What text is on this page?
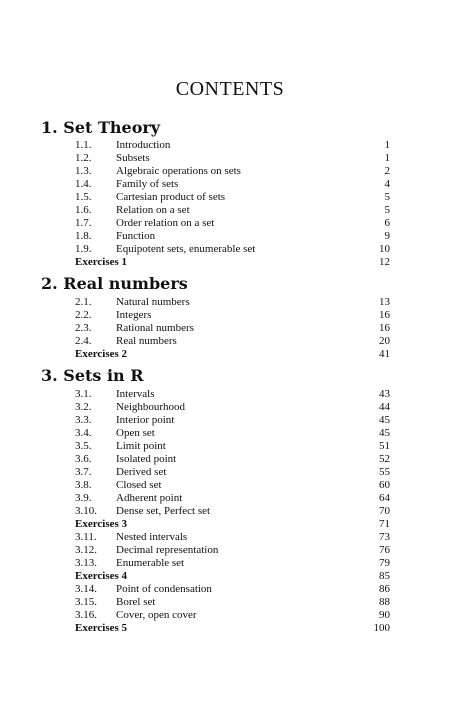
CONTENTS
1. Set Theory
1.1. Introduction	1
1.2. Subsets	1
1.3. Algebraic operations on sets	2
1.4. Family of sets	4
1.5. Cartesian product of sets	5
1.6. Relation on a set	5
1.7. Order relation on a set	6
1.8. Function	9
1.9. Equipotent sets, enumerable set	10
Exercises 1	12
2. Real numbers
2.1. Natural numbers	13
2.2. Integers	16
2.3. Rational numbers	16
2.4. Real numbers	20
Exercises 2	41
3. Sets in R
3.1. Intervals	43
3.2. Neighbourhood	44
3.3. Interior point	45
3.4. Open set	45
3.5. Limit point	51
3.6. Isolated point	52
3.7. Derived set	55
3.8. Closed set	60
3.9. Adherent point	64
3.10. Dense set, Perfect set	70
Exercises 3	71
3.11. Nested intervals	73
3.12. Decimal representation	76
3.13. Enumerable set	79
Exercises 4	85
3.14. Point of condensation	86
3.15. Borel set	88
3.16. Cover, open cover	90
Exercises 5	100
